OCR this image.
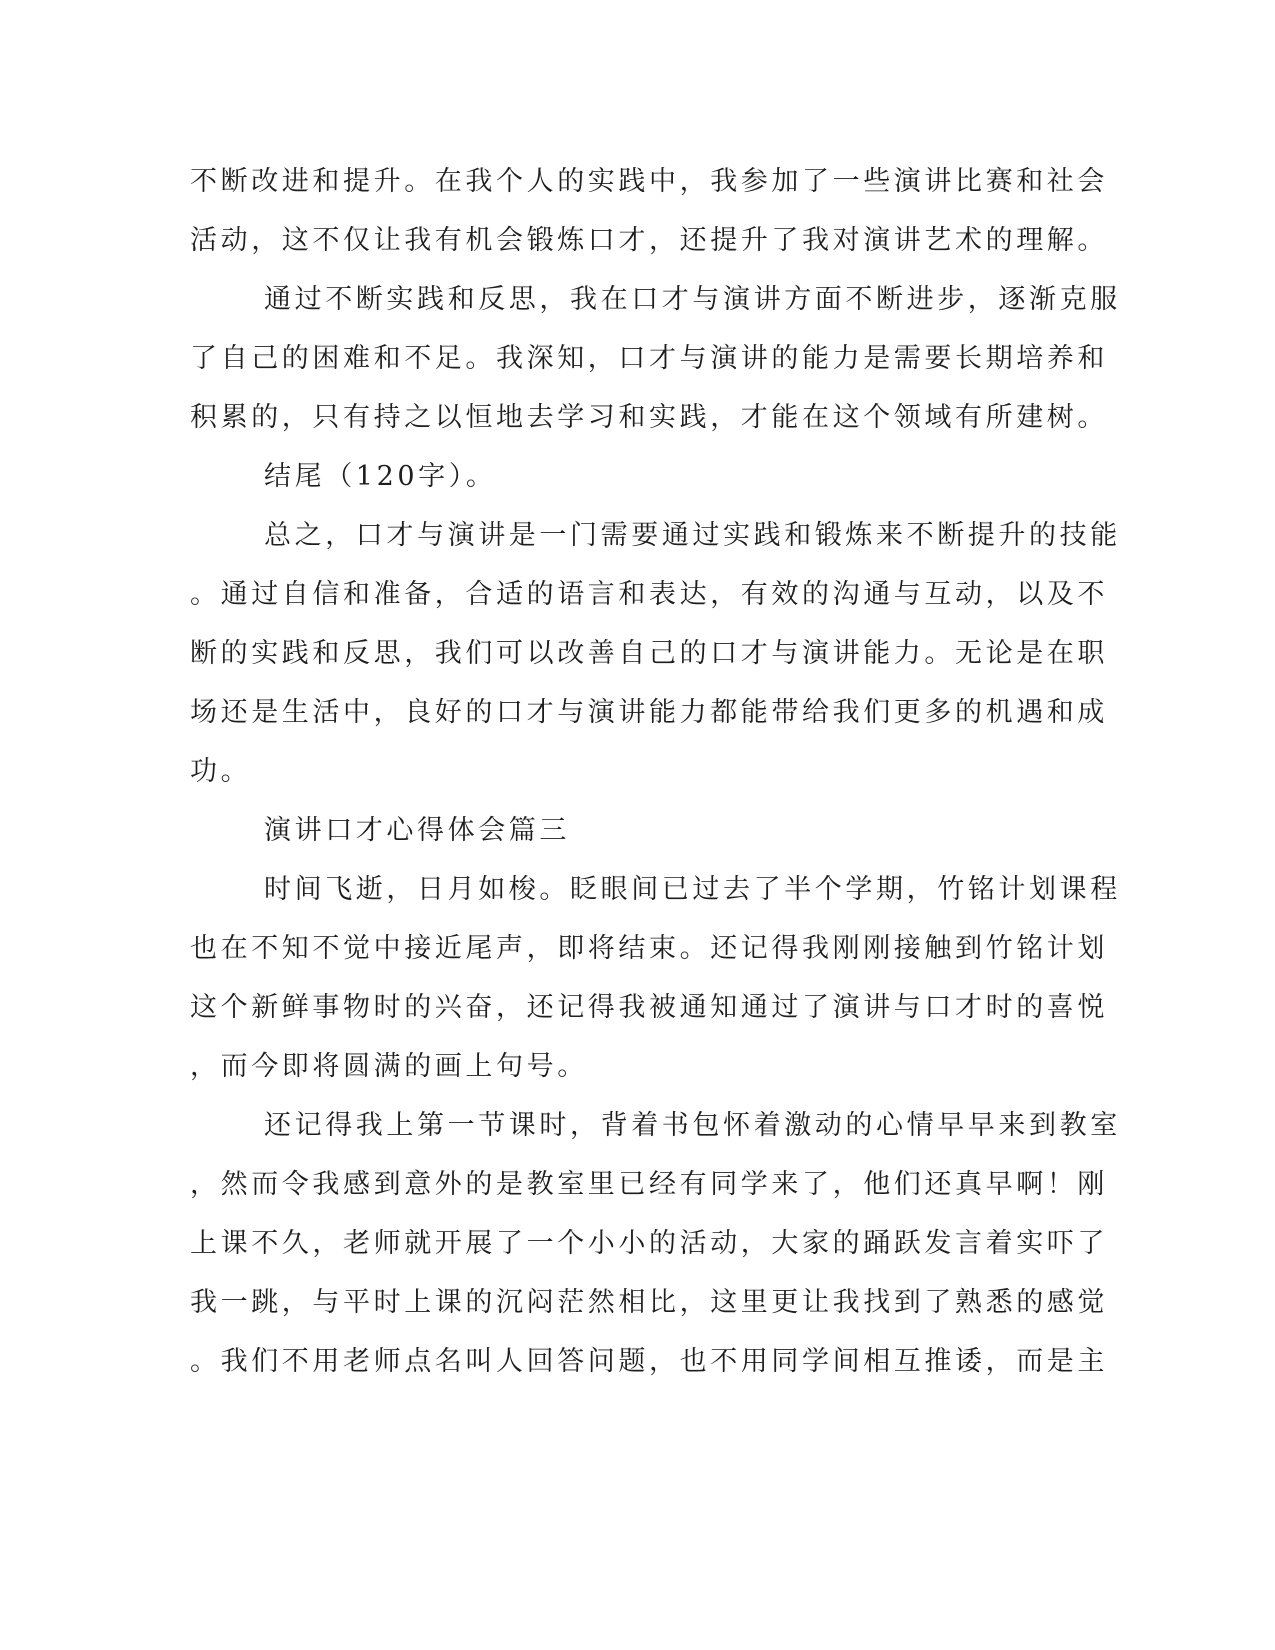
不断改进和提升。在我个人的实践中，我参加了一些演讲比赛和社会
活动，这不仅让我有机会锻炼口才，还提升了我对演讲艺术的理解。
通过不断实践和反思，我在口才与演讲方面不断进步，逐渐克服
了自己的困难和不足。我深知，口才与演讲的能力是需要长期培养和
积累的，只有持之以恒地去学习和实践，才能在这个领域有所建树。
结尾（120字）。
总之，口才与演讲是一门需要通过实践和锻炼来不断提升的技能
。通过自信和准备，合适的语言和表达，有效的沟通与互动，以及不
断的实践和反思，我们可以改善自己的口才与演讲能力。无论是在职
场还是生活中，良好的口才与演讲能力都能带给我们更多的机遇和成
功。
演讲口才心得体会篇三
时间飞逝，日月如梭。眨眼间已过去了半个学期，竹铭计划课程
也在不知不觉中接近尾声，即将结束。还记得我刚刚接触到竹铭计划
这个新鲜事物时的兴奋，还记得我被通知通过了演讲与口才时的喜悦
，而今即将圆满的画上句号。
还记得我上第一节课时，背着书包怀着激动的心情早早来到教室
，然而令我感到意外的是教室里已经有同学来了，他们还真早啊！刚
上课不久，老师就开展了一个小小的活动，大家的踊跃发言着实吓了
我一跳，与平时上课的沉闷茫然相比，这里更让我找到了熟悉的感觉
。我们不用老师点名叫人回答问题，也不用同学间相互推诿，而是主
